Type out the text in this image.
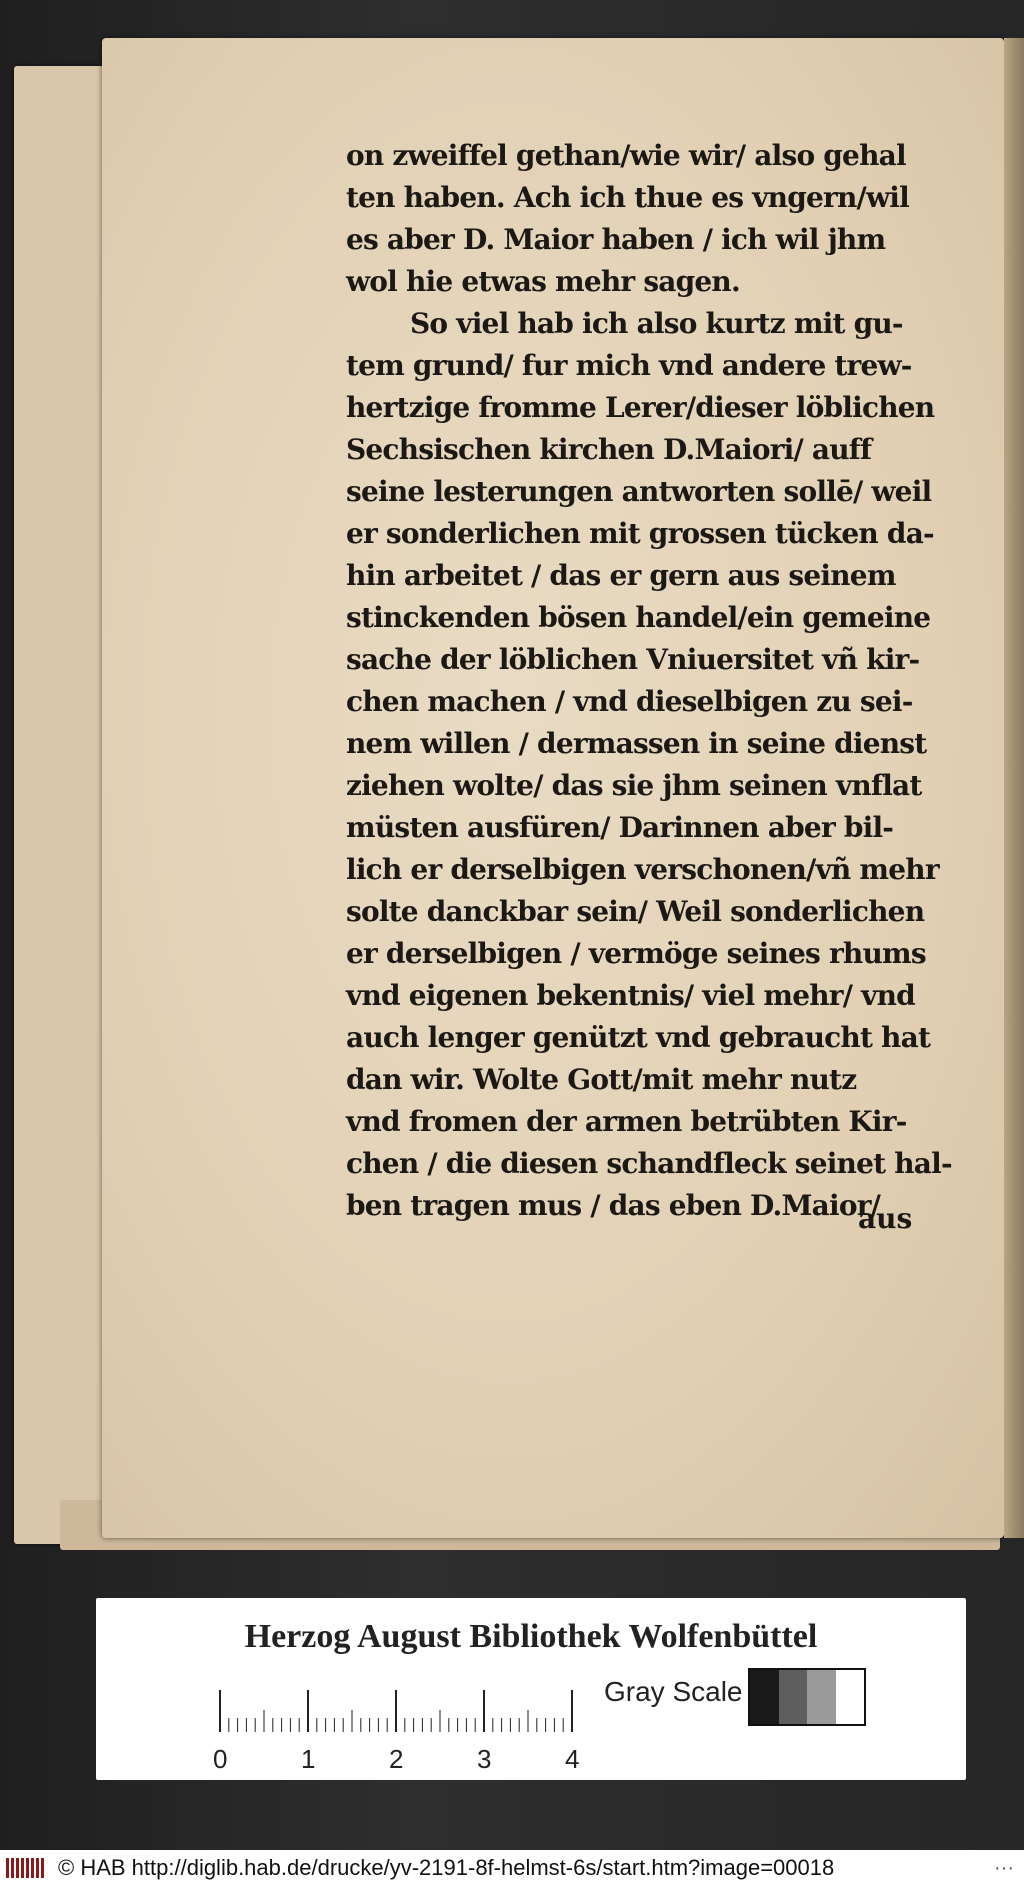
on zweiffel gethan/wie wir/ also gehal
ten haben. Ach ich thue es vngern/wil
es aber D. Maior haben / ich wil jhm
wol hie etwas mehr sagen.
So viel hab ich also kurtz mit gu-
tem grund/ fur mich vnd andere trew-
hertzige fromme Lerer/dieser löblichen
Sechsischen kirchen D.Maiori/ auff
seine lesterungen antworten sollē/ weil
er sonderlichen mit grossen tücken da-
hin arbeitet / das er gern aus seinem
stinckenden bösen handel/ein gemeine
sache der löblichen Vniuersitet vñ kir-
chen machen / vnd dieselbigen zu sei-
nem willen / dermassen in seine dienst
ziehen wolte/ das sie jhm seinen vnflat
müsten ausfüren/ Darinnen aber bil-
lich er derselbigen verschonen/vñ mehr
solte danckbar sein/ Weil sonderlichen
er derselbigen / vermöge seines rhums
vnd eigenen bekentnis/ viel mehr/ vnd
auch lenger genützt vnd gebraucht hat
dan wir. Wolte Gott/mit mehr nutz
vnd fromen der armen betrübten Kir-
chen / die diesen schandfleck seinet hal-
ben tragen mus / das eben D.Maior/
aus
Herzog August Bibliothek Wolfenbüttel
0	1	2	3	4
Gray Scale
© HAB http://diglib.hab.de/drucke/yv-2191-8f-helmst-6s/start.htm?image=00018	···
